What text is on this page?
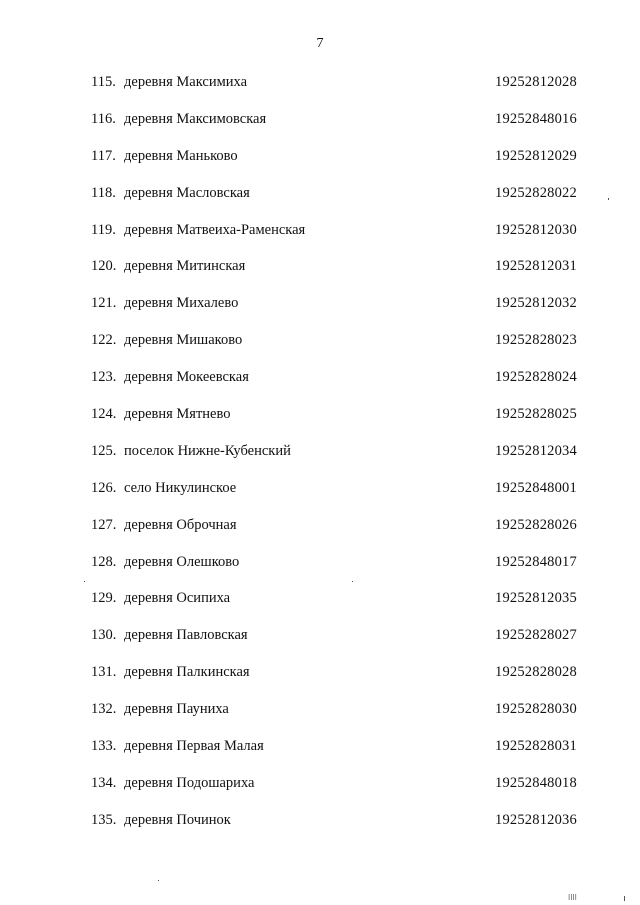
7
115. деревня Максимиха	19252812028
116. деревня Максимовская	19252848016
117. деревня Маньково	19252812029
118. деревня Масловская	19252828022
119. деревня Матвеиха-Раменская	19252812030
120. деревня Митинская	19252812031
121. деревня Михалево	19252812032
122. деревня Мишаково	19252828023
123. деревня Мокеевская	19252828024
124. деревня Мятнево	19252828025
125. поселок Нижне-Кубенский	19252812034
126. село Никулинское	19252848001
127. деревня Оброчная	19252828026
128. деревня Олешково	19252848017
129. деревня Осипиха	19252812035
130. деревня Павловская	19252828027
131. деревня Палкинская	19252828028
132. деревня Пауниха	19252828030
133. деревня Первая Малая	19252828031
134. деревня Подошариха	19252848018
135. деревня Починок	19252812036
IIII
